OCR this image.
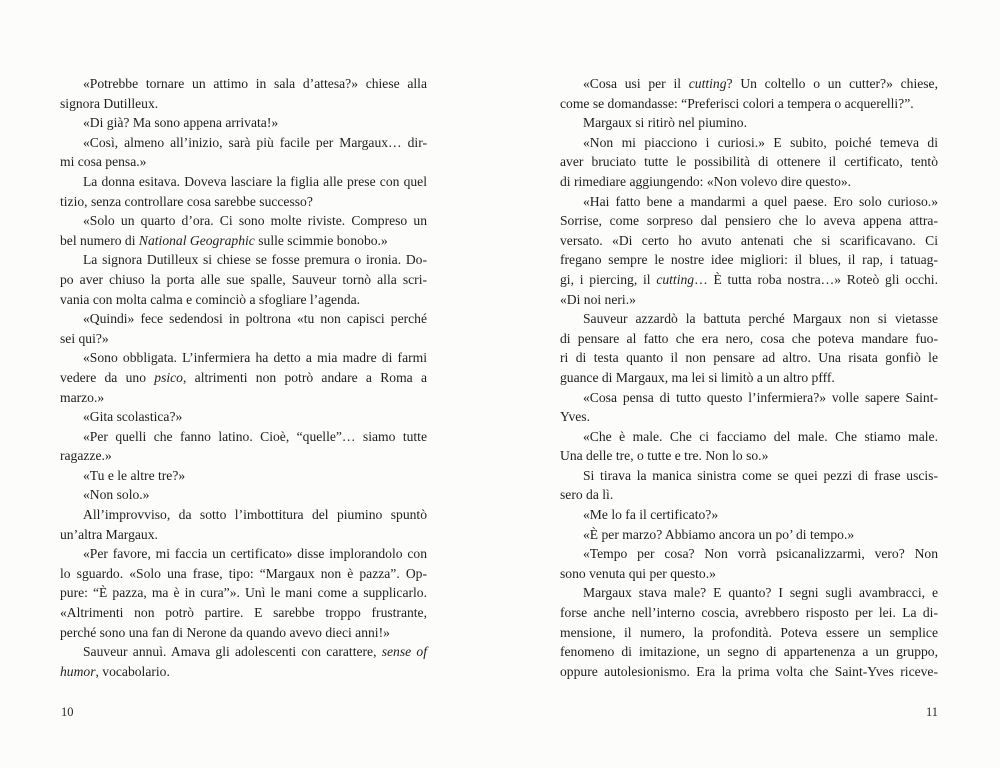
«Potrebbe tornare un attimo in sala d’attesa?» chiese alla
signora Dutilleux.
«Di già? Ma sono appena arrivata!»
«Così, almeno all’inizio, sarà più facile per Margaux… dir-
mi cosa pensa.»
La donna esitava. Doveva lasciare la figlia alle prese con quel
tizio, senza controllare cosa sarebbe successo?
«Solo un quarto d’ora. Ci sono molte riviste. Compreso un
bel numero di National Geographic sulle scimmie bonobo.»
La signora Dutilleux si chiese se fosse premura o ironia. Do-
po aver chiuso la porta alle sue spalle, Sauveur tornò alla scri-
vania con molta calma e cominciò a sfogliare l’agenda.
«Quindi» fece sedendosi in poltrona «tu non capisci perché
sei qui?»
«Sono obbligata. L’infermiera ha detto a mia madre di farmi
vedere da uno psico, altrimenti non potrò andare a Roma a
marzo.»
«Gita scolastica?»
«Per quelli che fanno latino. Cioè, “quelle”… siamo tutte
ragazze.»
«Tu e le altre tre?»
«Non solo.»
All’improvviso, da sotto l’imbottitura del piumino spuntò
un’altra Margaux.
«Per favore, mi faccia un certificato» disse implorandolo con
lo sguardo. «Solo una frase, tipo: “Margaux non è pazza”. Op-
pure: “È pazza, ma è in cura”». Unì le mani come a supplicarlo.
«Altrimenti non potrò partire. E sarebbe troppo frustrante,
perché sono una fan di Nerone da quando avevo dieci anni!»
Sauveur annuì. Amava gli adolescenti con carattere, sense of
humor, vocabolario.
«Cosa usi per il cutting? Un coltello o un cutter?» chiese,
come se domandasse: “Preferisci colori a tempera o acquerelli?”.
Margaux si ritirò nel piumino.
«Non mi piacciono i curiosi.» E subito, poiché temeva di
aver bruciato tutte le possibilità di ottenere il certificato, tentò
di rimediare aggiungendo: «Non volevo dire questo».
«Hai fatto bene a mandarmi a quel paese. Ero solo curioso.»
Sorrise, come sorpreso dal pensiero che lo aveva appena attra-
versato. «Di certo ho avuto antenati che si scarificavano. Ci
fregano sempre le nostre idee migliori: il blues, il rap, i tatuag-
gi, i piercing, il cutting… È tutta roba nostra…» Roteò gli occhi.
«Di noi neri.»
Sauveur azzardò la battuta perché Margaux non si vietasse
di pensare al fatto che era nero, cosa che poteva mandare fuo-
ri di testa quanto il non pensare ad altro. Una risata gonfiò le
guance di Margaux, ma lei si limitò a un altro pfff.
«Cosa pensa di tutto questo l’infermiera?» volle sapere Saint-
Yves.
«Che è male. Che ci facciamo del male. Che stiamo male.
Una delle tre, o tutte e tre. Non lo so.»
Si tirava la manica sinistra come se quei pezzi di frase uscis-
sero da lì.
«Me lo fa il certificato?»
«È per marzo? Abbiamo ancora un po’ di tempo.»
«Tempo per cosa? Non vorrà psicanalizzarmi, vero? Non
sono venuta qui per questo.»
Margaux stava male? E quanto? I segni sugli avambracci, e
forse anche nell’interno coscia, avrebbero risposto per lei. La di-
mensione, il numero, la profondità. Poteva essere un semplice
fenomeno di imitazione, un segno di appartenenza a un gruppo,
oppure autolesionismo. Era la prima volta che Saint-Yves riceve-
10	11
